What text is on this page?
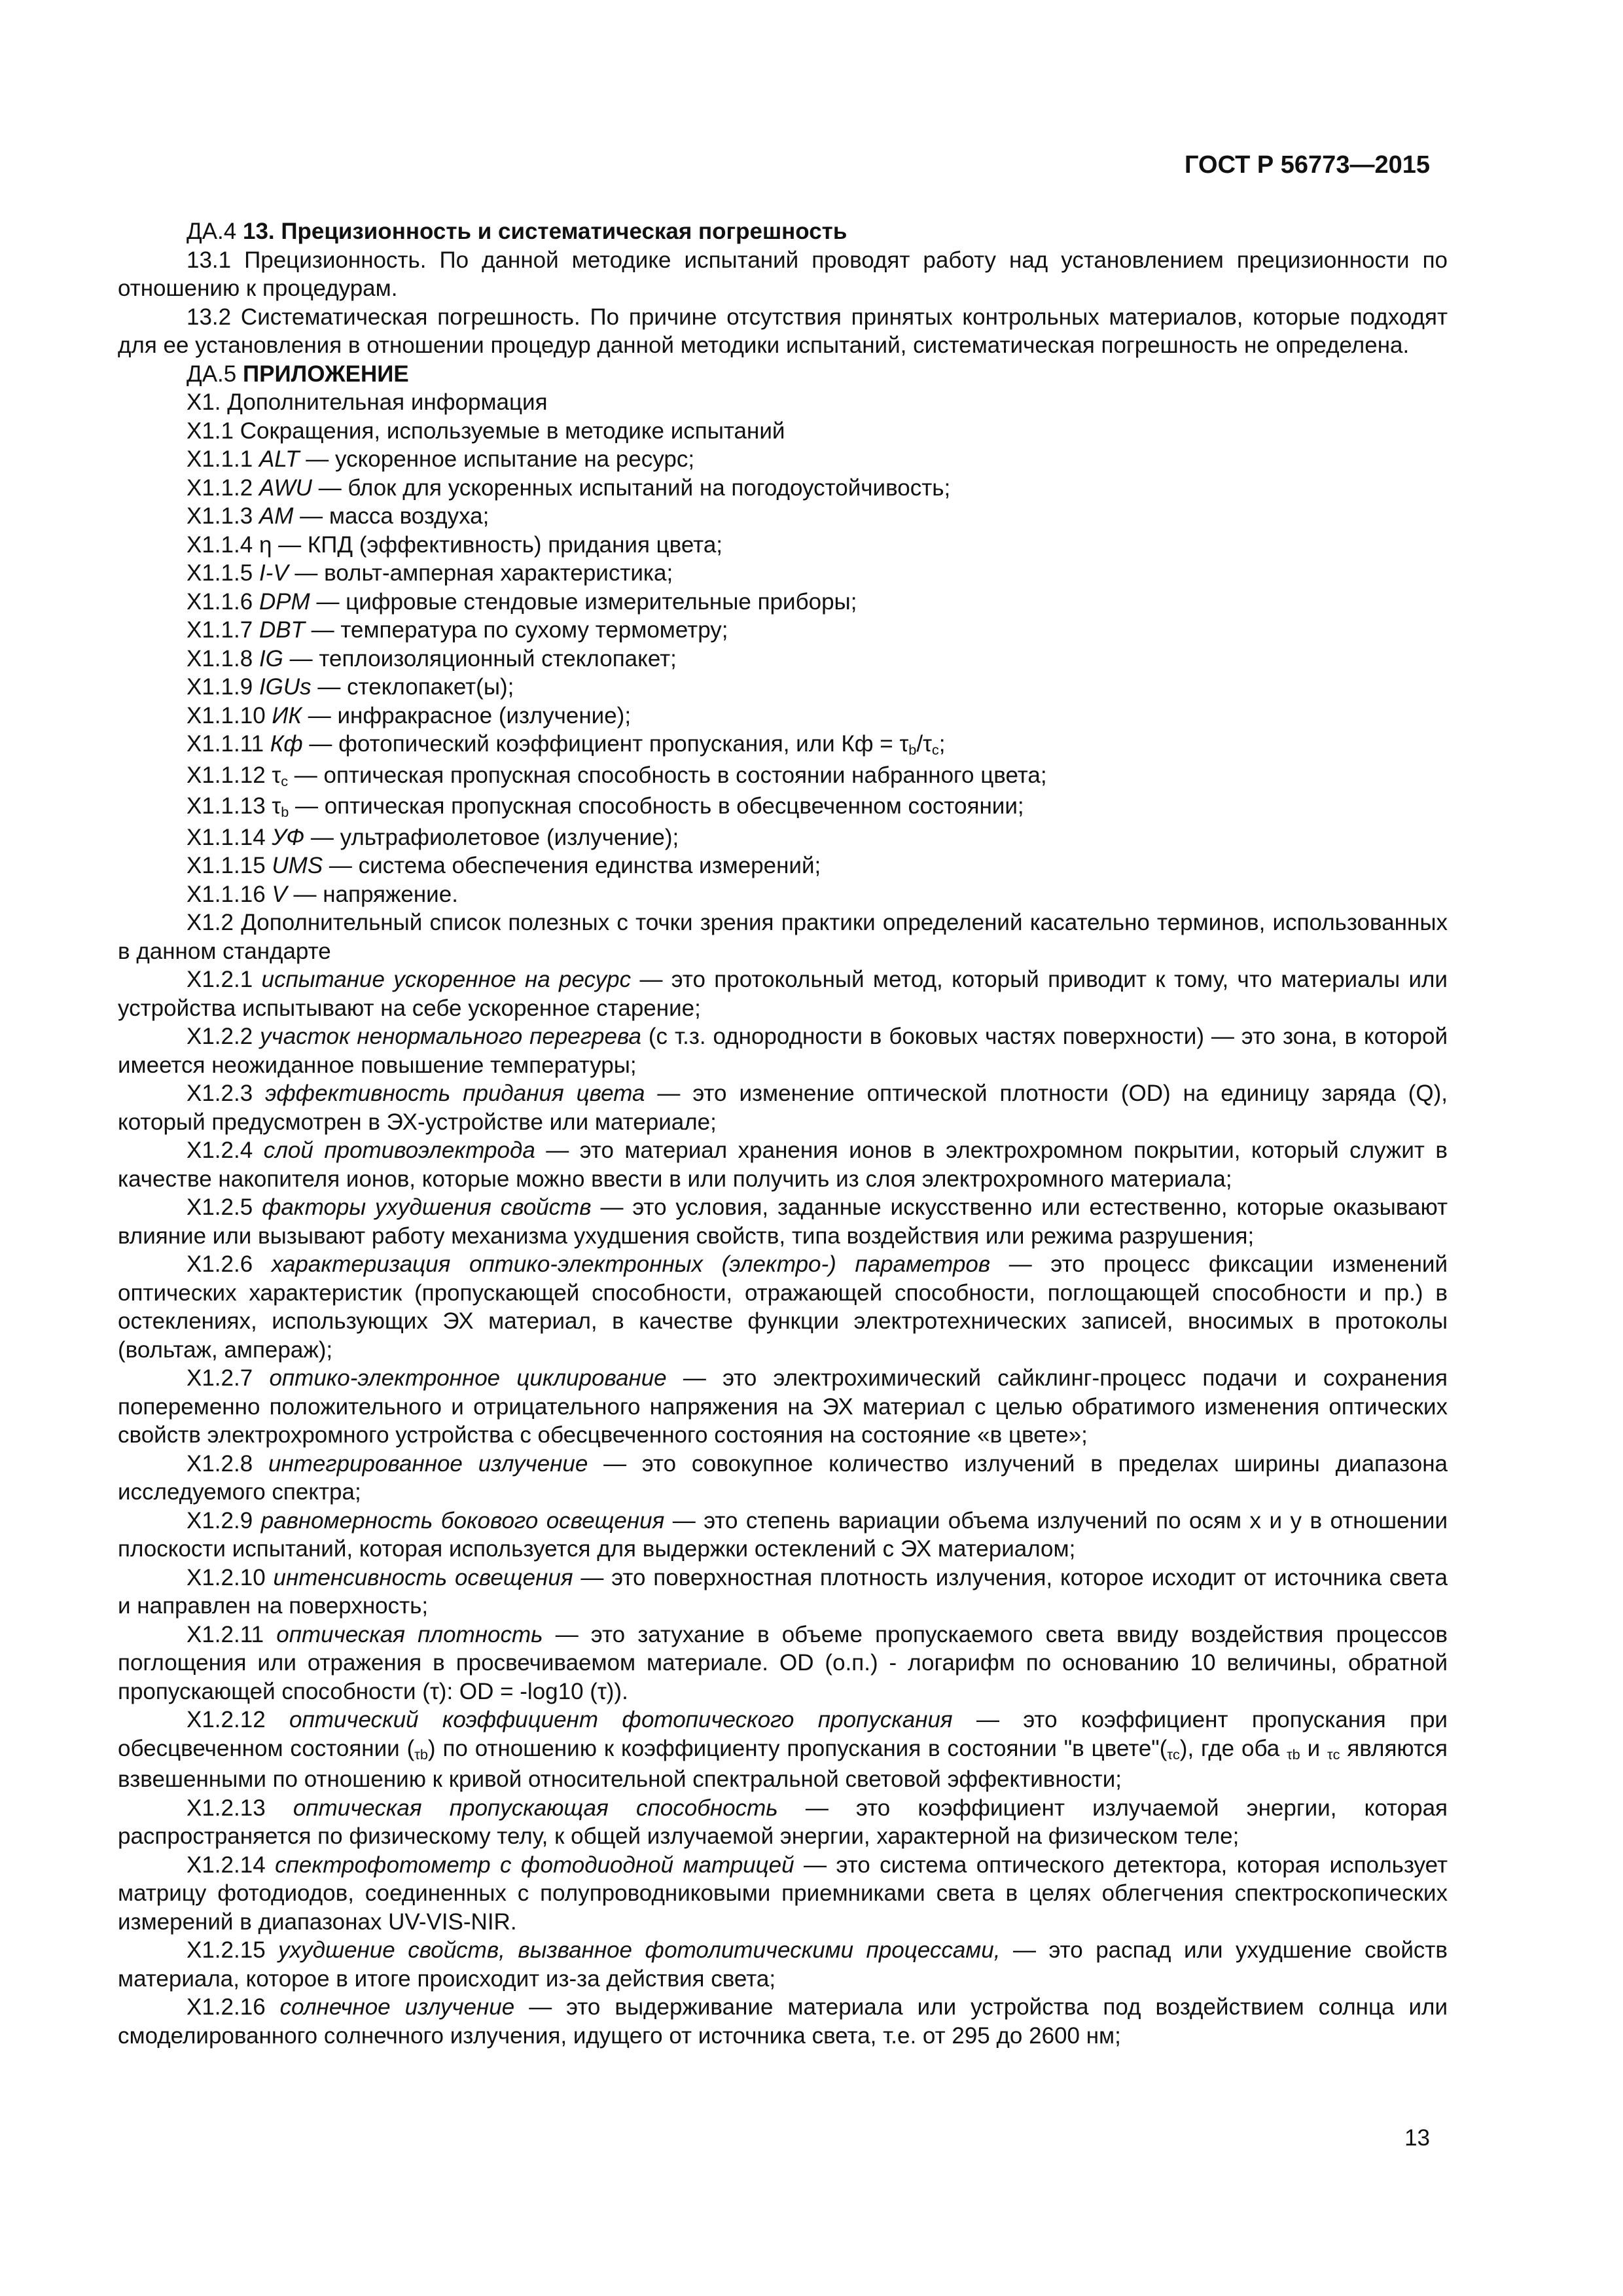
ГОСТ Р 56773—2015

ДА.4 13. Прецизионность и систематическая погрешность

13.1 Прецизионность. По данной методике испытаний проводят работу над установлением прецизионности по отношению к процедурам.

13.2 Систематическая погрешность. По причине отсутствия принятых контрольных материалов, которые подходят для ее установления в отношении процедур данной методики испытаний, систематическая погрешность не определена.

ДА.5 ПРИЛОЖЕНИЕ

Х1. Дополнительная информация

Х1.1 Сокращения, используемые в методике испытаний

Х1.1.1 ALT — ускоренное испытание на ресурс;

Х1.1.2 AWU — блок для ускоренных испытаний на погодоустойчивость;

Х1.1.3 AM — масса воздуха;

Х1.1.4 η — КПД (эффективность) придания цвета;

Х1.1.5 I-V — вольт-амперная характеристика;

Х1.1.6 DPM — цифровые стендовые измерительные приборы;

Х1.1.7 DBT — температура по сухому термометру;

Х1.1.8 IG — теплоизоляционный стеклопакет;

Х1.1.9 IGUs — стеклопакет(ы);

Х1.1.10 ИК — инфракрасное (излучение);

Х1.1.11 Кф — фотопический коэффициент пропускания, или Кф = τb/τc;

Х1.1.12 τc — оптическая пропускная способность в состоянии набранного цвета;

Х1.1.13 τb — оптическая пропускная способность в обесцвеченном состоянии;

Х1.1.14 УФ — ультрафиолетовое (излучение);

Х1.1.15 UMS — система обеспечения единства измерений;

Х1.1.16 V — напряжение.

Х1.2 Дополнительный список полезных с точки зрения практики определений касательно терминов, использованных в данном стандарте

Х1.2.1 испытание ускоренное на ресурс — это протокольный метод, который приводит к тому, что материалы или устройства испытывают на себе ускоренное старение;

Х1.2.2 участок ненормального перегрева (с т.з. однородности в боковых частях поверхности) — это зона, в которой имеется неожиданное повышение температуры;

Х1.2.3 эффективность придания цвета — это изменение оптической плотности (OD) на единицу заряда (Q), который предусмотрен в ЭХ-устройстве или материале;

Х1.2.4 слой противоэлектрода — это материал хранения ионов в электрохромном покрытии, который служит в качестве накопителя ионов, которые можно ввести в или получить из слоя электрохромного материала;

Х1.2.5 факторы ухудшения свойств — это условия, заданные искусственно или естественно, которые оказывают влияние или вызывают работу механизма ухудшения свойств, типа воздействия или режима разрушения;

Х1.2.6 характеризация оптико-электронных (электро-) параметров — это процесс фиксации изменений оптических характеристик (пропускающей способности, отражающей способности, поглощающей способности и пр.) в остеклениях, использующих ЭХ материал, в качестве функции электротехнических записей, вносимых в протоколы (вольтаж, ампераж);

Х1.2.7 оптико-электронное циклирование — это электрохимический сайклинг-процесс подачи и сохранения попеременно положительного и отрицательного напряжения на ЭХ материал с целью обратимого изменения оптических свойств электрохромного устройства с обесцвеченного состояния на состояние «в цвете»;

Х1.2.8 интегрированное излучение — это совокупное количество излучений в пределах ширины диапазона исследуемого спектра;

Х1.2.9 равномерность бокового освещения — это степень вариации объема излучений по осям x и y в отношении плоскости испытаний, которая используется для выдержки остеклений с ЭХ материалом;

Х1.2.10 интенсивность освещения — это поверхностная плотность излучения, которое исходит от источника света и направлен на поверхность;

Х1.2.11 оптическая плотность — это затухание в объеме пропускаемого света ввиду воздействия процессов поглощения или отражения в просвечиваемом материале. OD (о.п.) - логарифм по основанию 10 величины, обратной пропускающей способности (τ): OD = -log10 (τ)).

Х1.2.12 оптический коэффициент фотопического пропускания — это коэффициент пропускания при обесцвеченном состоянии (τb) по отношению к коэффициенту пропускания в состоянии "в цвете"(τc), где оба τb и τc являются взвешенными по отношению к кривой относительной спектральной световой эффективности;

Х1.2.13 оптическая пропускающая способность — это коэффициент излучаемой энергии, которая распространяется по физическому телу, к общей излучаемой энергии, характерной на физическом теле;

Х1.2.14 спектрофотометр с фотодиодной матрицей — это система оптического детектора, которая использует матрицу фотодиодов, соединенных с полупроводниковыми приемниками света в целях облегчения спектроскопических измерений в диапазонах UV-VIS-NIR.

Х1.2.15 ухудшение свойств, вызванное фотолитическими процессами, — это распад или ухудшение свойств материала, которое в итоге происходит из-за действия света;

Х1.2.16 солнечное излучение — это выдерживание материала или устройства под воздействием солнца или смоделированного солнечного излучения, идущего от источника света, т.е. от 295 до 2600 нм;

13
